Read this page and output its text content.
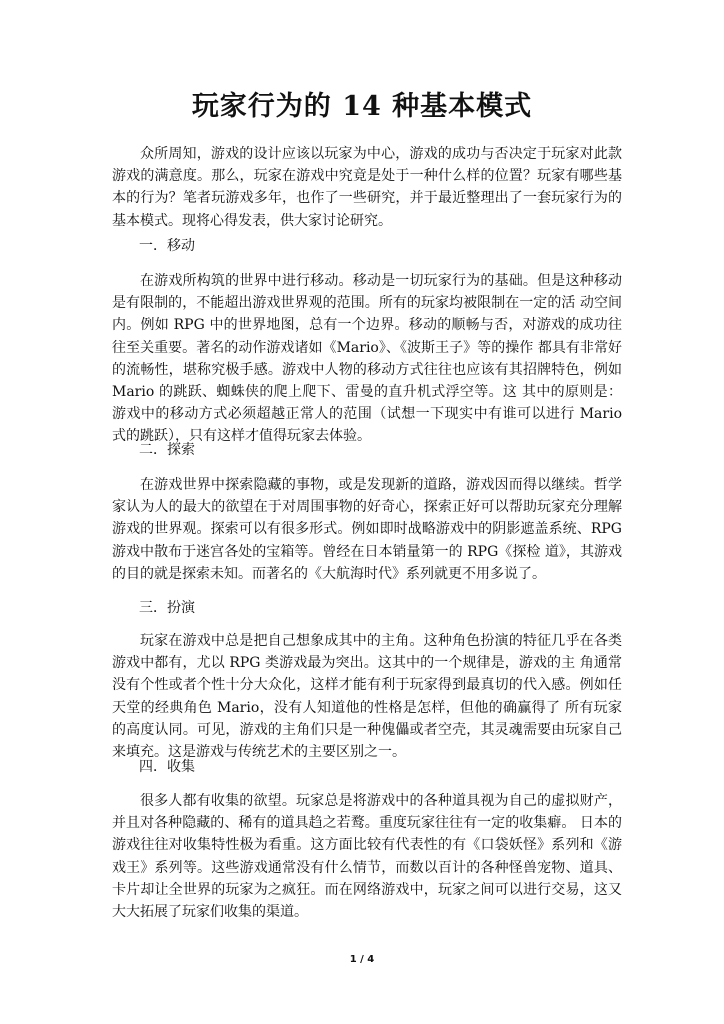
玩家行为的 14 种基本模式

众所周知，游戏的设计应该以玩家为中心，游戏的成功与否决定于玩家对此款游戏的满意度。那么，玩家在游戏中究竟是处于一种什么样的位置？玩家有哪些基本的行为？笔者玩游戏多年，也作了一些研究，并于最近整理出了一套玩家行为的基本模式。现将心得发表，供大家讨论研究。

一．移动

在游戏所构筑的世界中进行移动。移动是一切玩家行为的基础。但是这种移动是有限制的，不能超出游戏世界观的范围。所有的玩家均被限制在一定的活 动空间内。例如 RPG 中的世界地图，总有一个边界。移动的顺畅与否，对游戏的成功往往至关重要。著名的动作游戏诸如《Mario》、《波斯王子》等的操作 都具有非常好的流畅性，堪称究极手感。游戏中人物的移动方式往往也应该有其招牌特色，例如 Mario 的跳跃、蜘蛛侠的爬上爬下、雷曼的直升机式浮空等。这 其中的原则是：游戏中的移动方式必须超越正常人的范围（试想一下现实中有谁可以进行 Mario 式的跳跃），只有这样才值得玩家去体验。

二．探索

在游戏世界中探索隐藏的事物，或是发现新的道路，游戏因而得以继续。哲学家认为人的最大的欲望在于对周围事物的好奇心，探索正好可以帮助玩家充分理解游戏的世界观。探索可以有很多形式。例如即时战略游戏中的阴影遮盖系统、RPG 游戏中散布于迷宫各处的宝箱等。曾经在日本销量第一的 RPG《探检 道》，其游戏的目的就是探索未知。而著名的《大航海时代》系列就更不用多说了。

三．扮演

玩家在游戏中总是把自己想象成其中的主角。这种角色扮演的特征几乎在各类游戏中都有，尤以 RPG 类游戏最为突出。这其中的一个规律是，游戏的主 角通常没有个性或者个性十分大众化，这样才能有利于玩家得到最真切的代入感。例如任天堂的经典角色 Mario，没有人知道他的性格是怎样，但他的确赢得了 所有玩家的高度认同。可见，游戏的主角们只是一种傀儡或者空壳，其灵魂需要由玩家自己来填充。这是游戏与传统艺术的主要区别之一。

四．收集

很多人都有收集的欲望。玩家总是将游戏中的各种道具视为自己的虚拟财产，并且对各种隐藏的、稀有的道具趋之若鹜。重度玩家往往有一定的收集癖。 日本的游戏往往对收集特性极为看重。这方面比较有代表性的有《口袋妖怪》系列和《游戏王》系列等。这些游戏通常没有什么情节，而数以百计的各种怪兽宠物、道具、卡片却让全世界的玩家为之疯狂。而在网络游戏中，玩家之间可以进行交易，这又大大拓展了玩家们收集的渠道。

1 / 4
